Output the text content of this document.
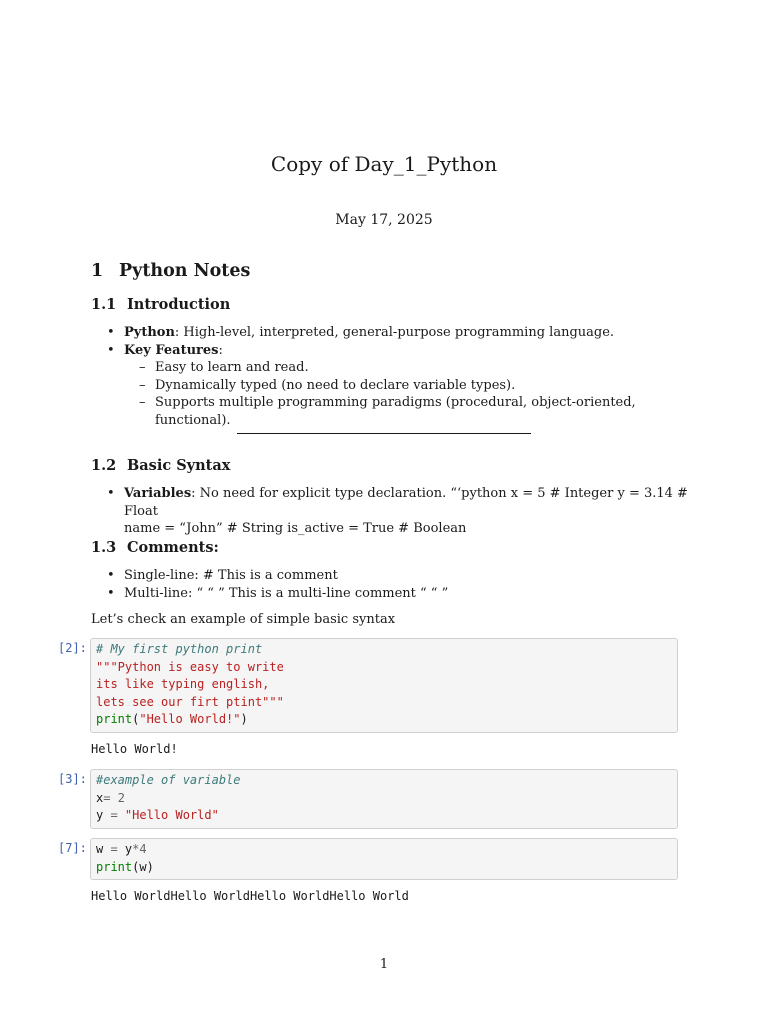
Copy of Day_1_Python
May 17, 2025
1 Python Notes
1.1 Introduction
• Python: High-level, interpreted, general-purpose programming language.
• Key Features:
– Easy to learn and read.
– Dynamically typed (no need to declare variable types).
– Supports multiple programming paradigms (procedural, object-oriented, functional).
1.2 Basic Syntax
• Variables: No need for explicit type declaration. “‘python x = 5 # Integer y = 3.14 # Float
name = “John” # String is_active = True # Boolean
1.3 Comments:
• Single-line: # This is a comment
• Multi-line: “ “ ” This is a multi-line comment “ “ ”
Let’s check an example of simple basic syntax
[2]: # My first python print
"""Python is easy to write
its like typing english,
lets see our firt ptint"""
print("Hello World!")
Hello World!
[3]: #example of variable
x= 2
y = "Hello World"
[7]: w = y*4
print(w)
Hello WorldHello WorldHello WorldHello World
1
